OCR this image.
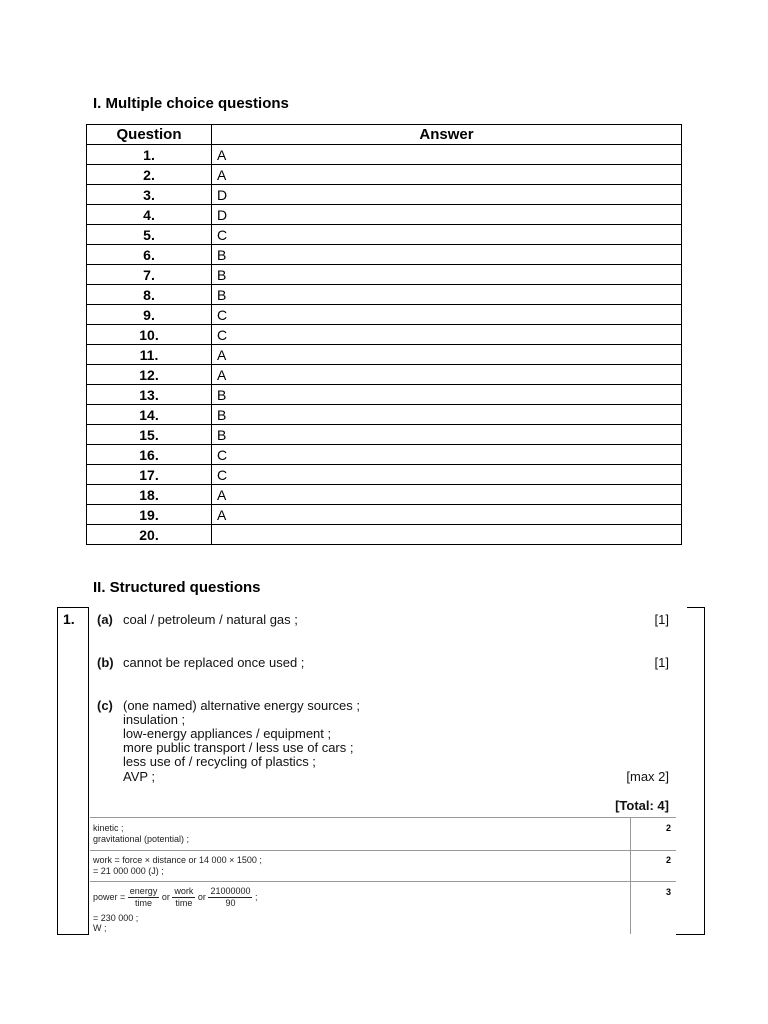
I. Multiple choice questions
Question	Answer
1.	A
2.	A
3.	D
4.	D
5.	C
6.	B
7.	B
8.	B
9.	C
10.	C
11.	A
12.	A
13.	B
14.	B
15.	B
16.	C
17.	C
18.	A
19.	A
20.	
II. Structured questions
1. (a) coal / petroleum / natural gas ;	[1]
(b) cannot be replaced once used ;	[1]
(c) (one named) alternative energy sources ;
insulation ;
low-energy appliances / equipment ;
more public transport / less use of cars ;
less use of / recycling of plastics ;
AVP ;	[max 2]
[Total: 4]
kinetic ;
gravitational (potential) ;
2
work = force × distance or 14 000 × 1500 ;
= 21 000 000 (J) ;
2
power = $\frac{\text{energy}}{\text{time}}$ or $\frac{\text{work}}{\text{time}}$ or $\frac{21000000}{90}$ ;
= 230 000 ;
W ;
3
